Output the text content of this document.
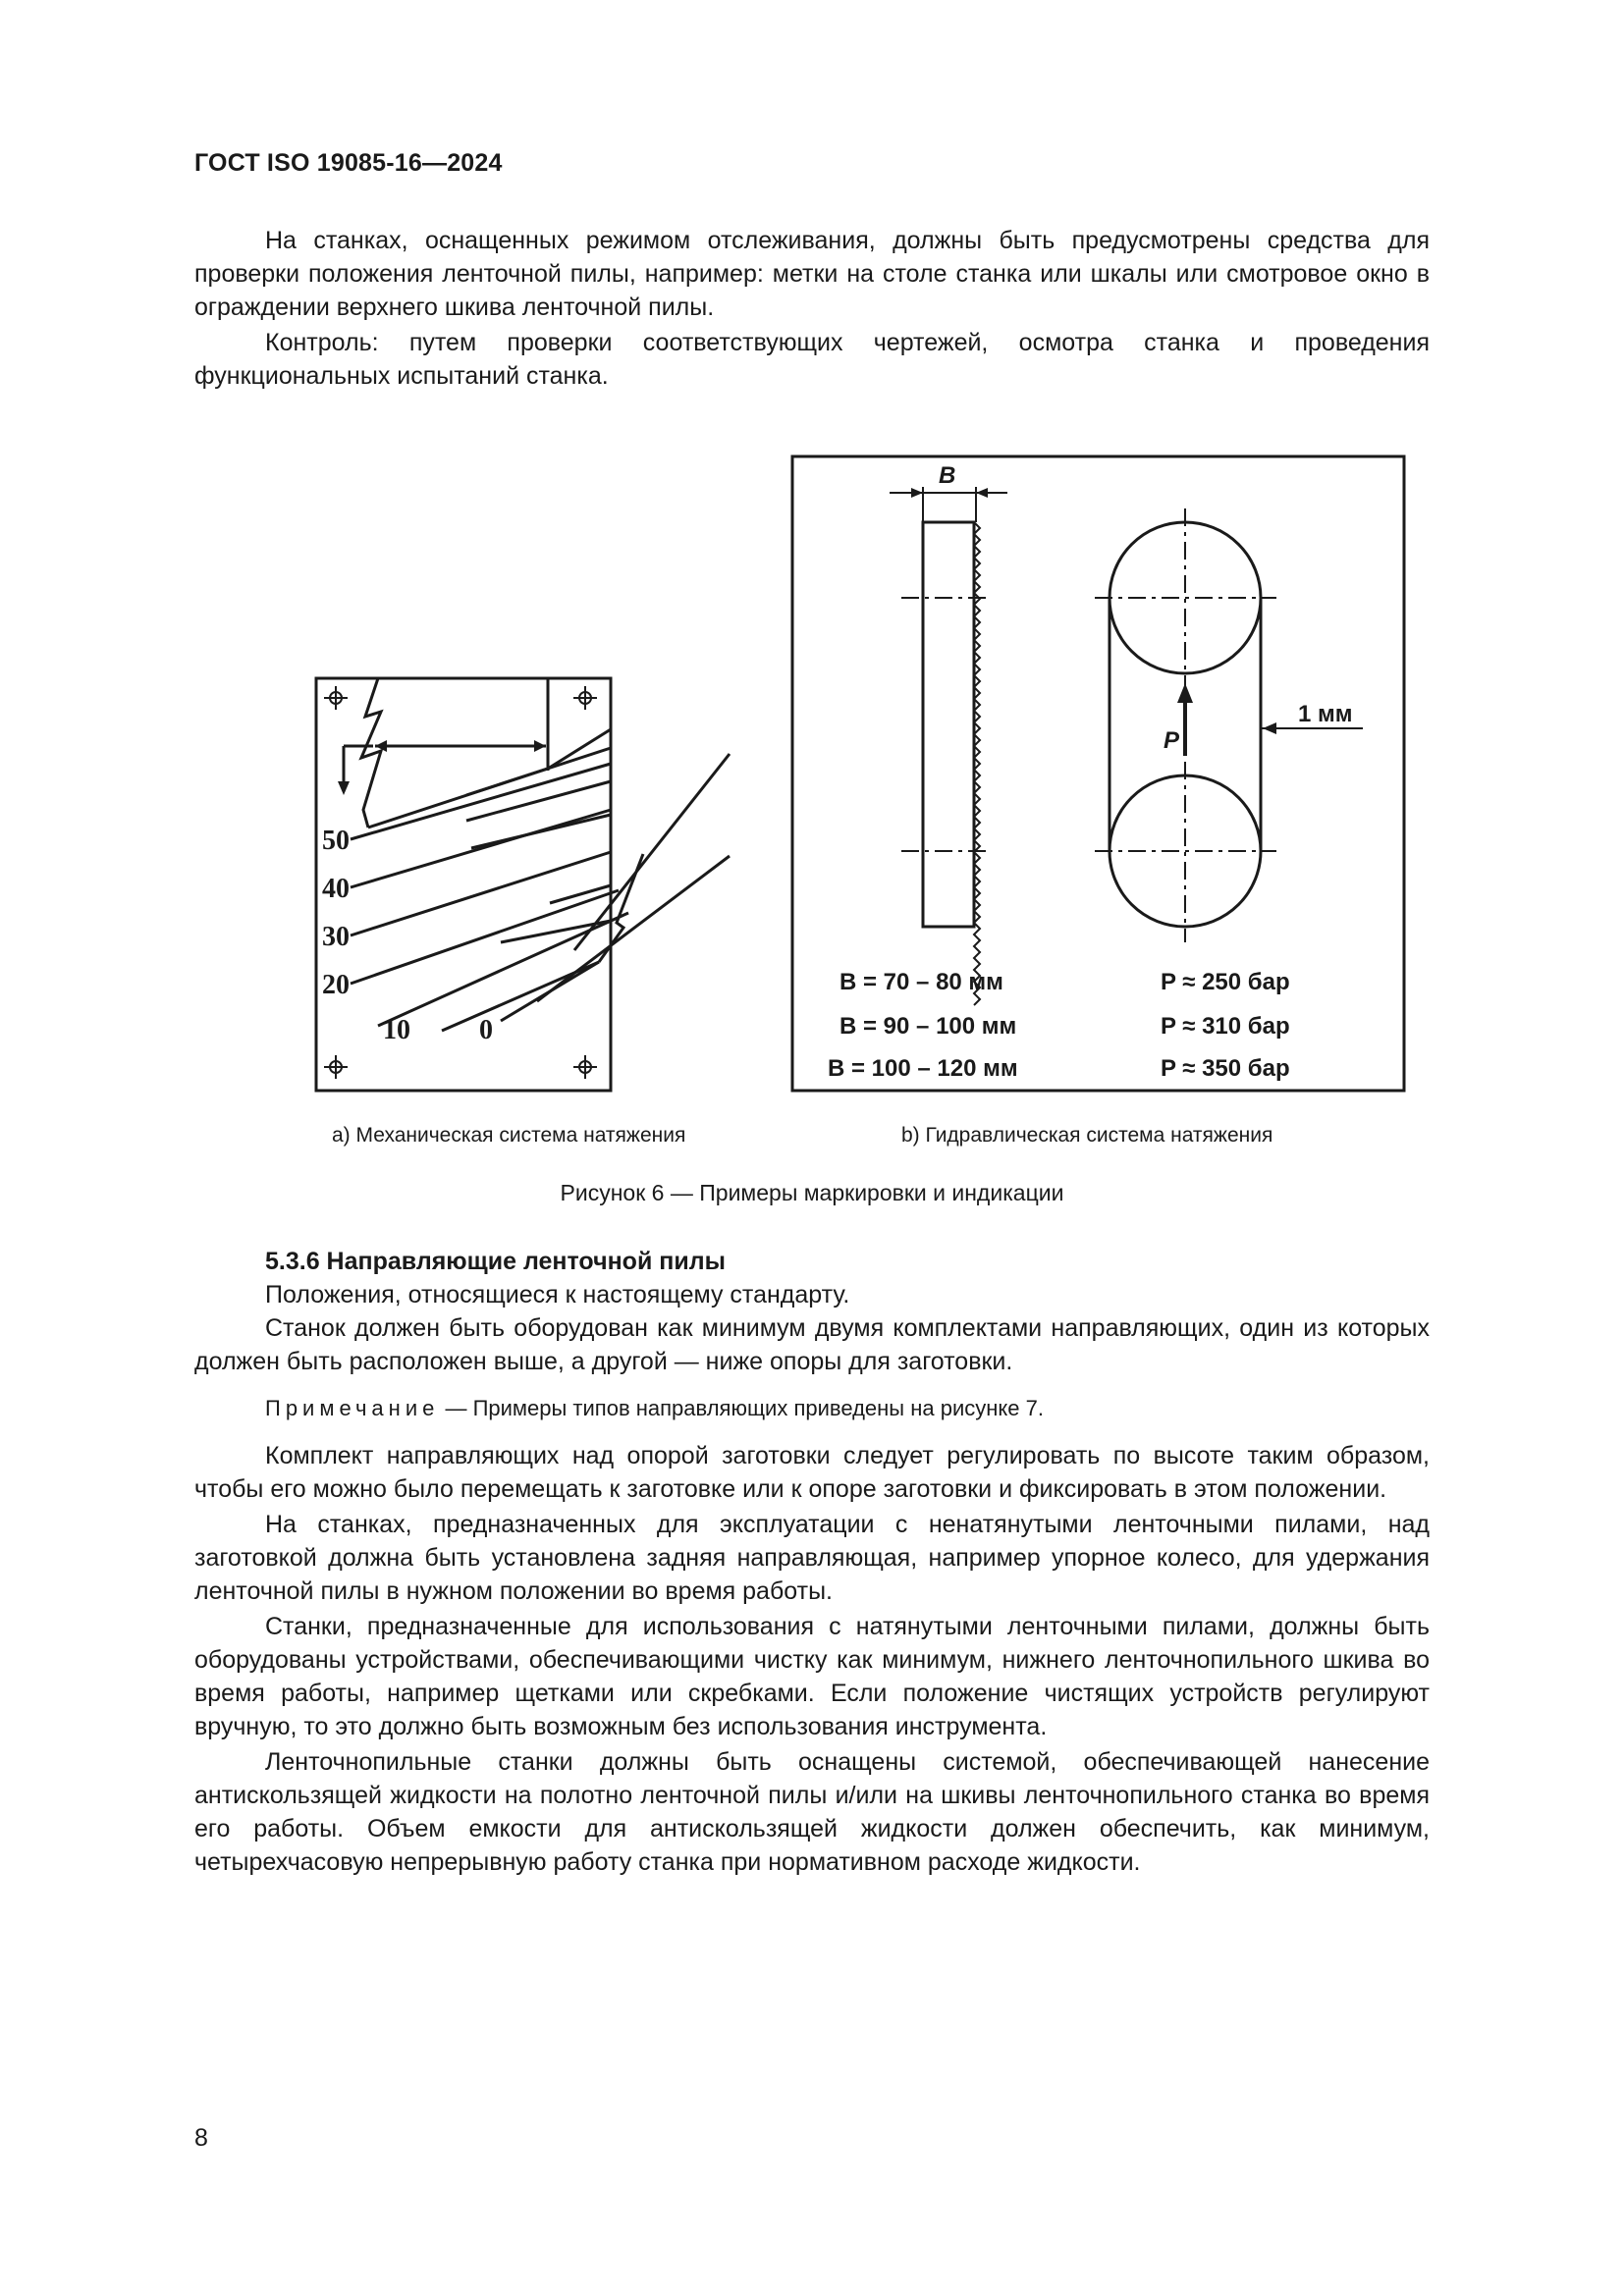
ГОСТ ISO 19085-16—2024

На станках, оснащенных режимом отслеживания, должны быть предусмотрены средства для проверки положения ленточной пилы, например: метки на столе станка или шкалы или смотровое окно в ограждении верхнего шкива ленточной пилы.

Контроль: путем проверки соответствующих чертежей, осмотра станка и проведения функциональных испытаний станка.

50
40
30
20
10	0
B
P
1 мм
B = 70 – 80 мм	P ≈ 250 бар
B = 90 – 100 мм	P ≈ 310 бар
B = 100 – 120 мм	P ≈ 350 бар
a) Механическая система натяжения	b) Гидравлическая система натяжения
Рисунок 6 — Примеры маркировки и индикации

5.3.6 Направляющие ленточной пилы

Положения, относящиеся к настоящему стандарту.

Станок должен быть оборудован как минимум двумя комплектами направляющих, один из которых должен быть расположен выше, а другой — ниже опоры для заготовки.

Примечание — Примеры типов направляющих приведены на рисунке 7.

Комплект направляющих над опорой заготовки следует регулировать по высоте таким образом, чтобы его можно было перемещать к заготовке или к опоре заготовки и фиксировать в этом положении.

На станках, предназначенных для эксплуатации с ненатянутыми ленточными пилами, над заготовкой должна быть установлена задняя направляющая, например упорное колесо, для удержания ленточной пилы в нужном положении во время работы.

Станки, предназначенные для использования с натянутыми ленточными пилами, должны быть оборудованы устройствами, обеспечивающими чистку как минимум, нижнего ленточнопильного шкива во время работы, например щетками или скребками. Если положение чистящих устройств регулируют вручную, то это должно быть возможным без использования инструмента.

Ленточнопильные станки должны быть оснащены системой, обеспечивающей нанесение антискользящей жидкости на полотно ленточной пилы и/или на шкивы ленточнопильного станка во время его работы. Объем емкости для антискользящей жидкости должен обеспечить, как минимум, четырехчасовую непрерывную работу станка при нормативном расходе жидкости.

8
